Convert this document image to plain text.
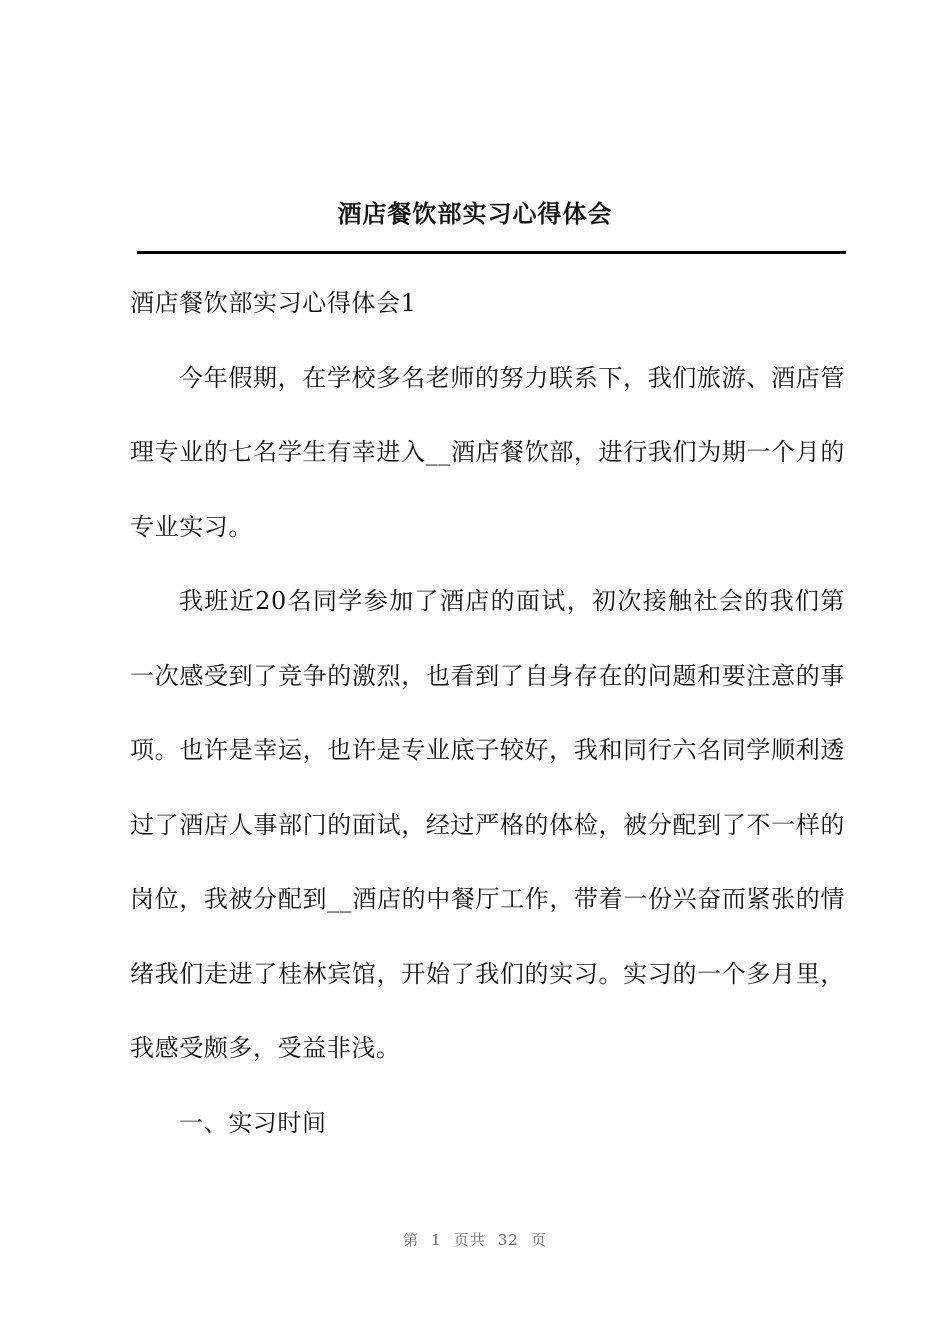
酒店餐饮部实习心得体会

酒店餐饮部实习心得体会1

今年假期，在学校多名老师的努力联系下，我们旅游、酒店管理专业的七名学生有幸进入__酒店餐饮部，进行我们为期一个月的专业实习。

我班近20名同学参加了酒店的面试，初次接触社会的我们第一次感受到了竞争的激烈，也看到了自身存在的问题和要注意的事项。也许是幸运，也许是专业底子较好，我和同行六名同学顺利透过了酒店人事部门的面试，经过严格的体检，被分配到了不一样的岗位，我被分配到__酒店的中餐厅工作，带着一份兴奋而紧张的情绪我们走进了桂林宾馆，开始了我们的实习。实习的一个多月里，我感受颇多，受益非浅。

一、实习时间

第 1 页共 32 页
